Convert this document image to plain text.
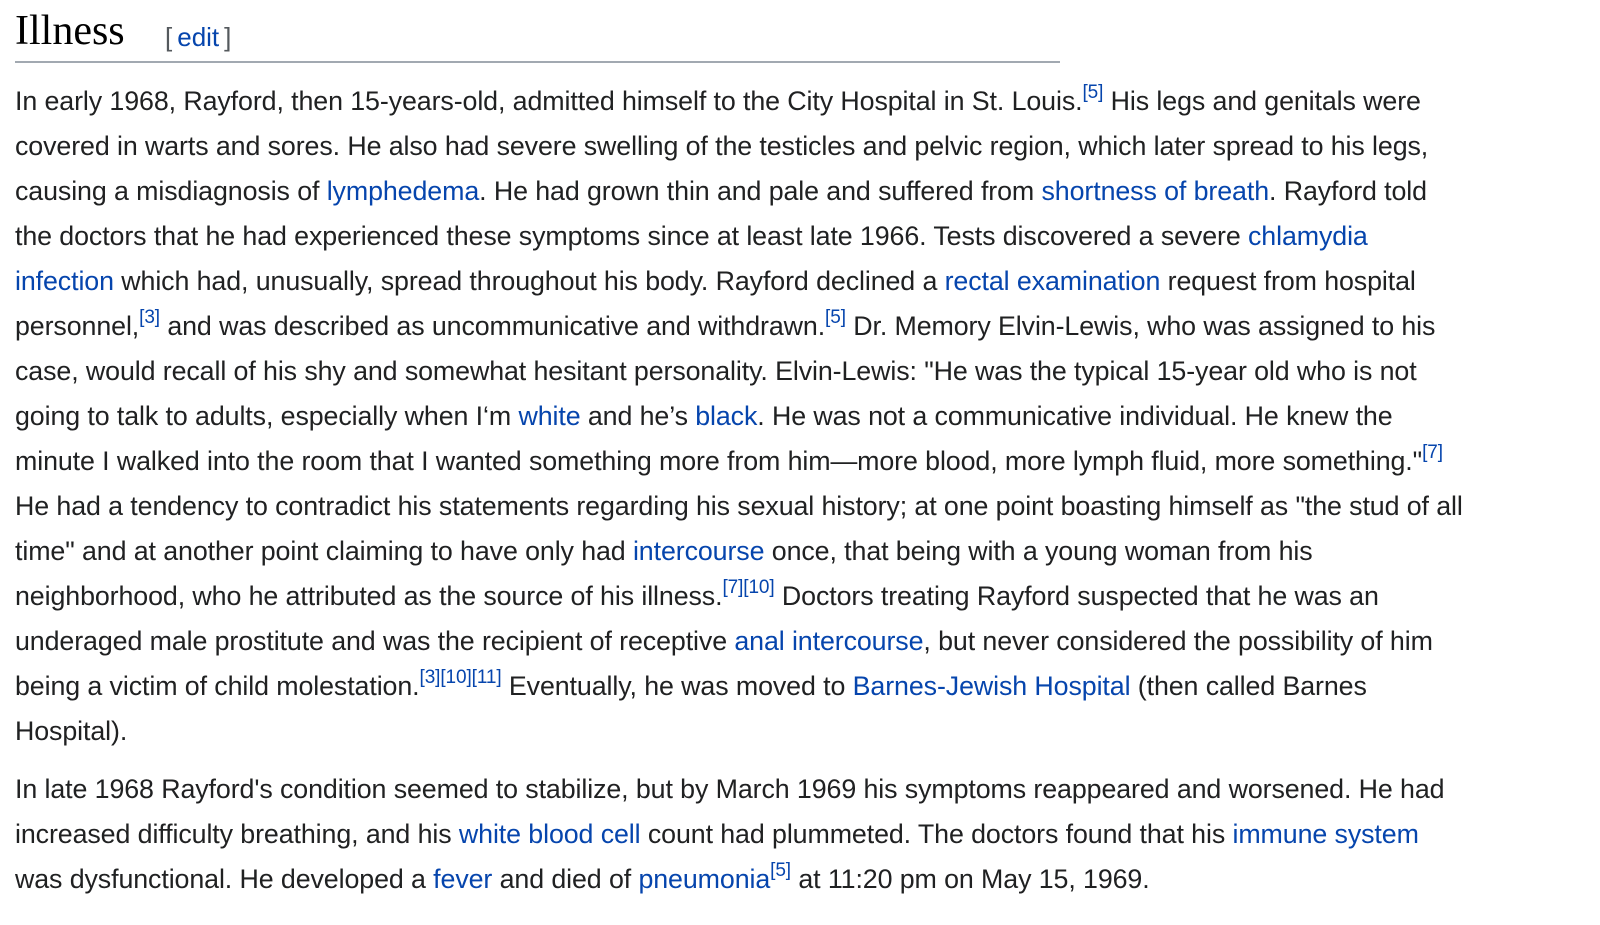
Illness [ edit ]

In early 1968, Rayford, then 15-years-old, admitted himself to the City Hospital in St. Louis.[5] His legs and genitals were
covered in warts and sores. He also had severe swelling of the testicles and pelvic region, which later spread to his legs,
causing a misdiagnosis of lymphedema. He had grown thin and pale and suffered from shortness of breath. Rayford told
the doctors that he had experienced these symptoms since at least late 1966. Tests discovered a severe chlamydia
infection which had, unusually, spread throughout his body. Rayford declined a rectal examination request from hospital
personnel,[3] and was described as uncommunicative and withdrawn.[5] Dr. Memory Elvin-Lewis, who was assigned to his
case, would recall of his shy and somewhat hesitant personality. Elvin-Lewis: "He was the typical 15-year old who is not
going to talk to adults, especially when I‘m white and he’s black. He was not a communicative individual. He knew the
minute I walked into the room that I wanted something more from him—more blood, more lymph fluid, more something."[7]
He had a tendency to contradict his statements regarding his sexual history; at one point boasting himself as "the stud of all
time" and at another point claiming to have only had intercourse once, that being with a young woman from his
neighborhood, who he attributed as the source of his illness.[7][10] Doctors treating Rayford suspected that he was an
underaged male prostitute and was the recipient of receptive anal intercourse, but never considered the possibility of him
being a victim of child molestation.[3][10][11] Eventually, he was moved to Barnes-Jewish Hospital (then called Barnes
Hospital).

In late 1968 Rayford's condition seemed to stabilize, but by March 1969 his symptoms reappeared and worsened. He had
increased difficulty breathing, and his white blood cell count had plummeted. The doctors found that his immune system
was dysfunctional. He developed a fever and died of pneumonia[5] at 11:20 pm on May 15, 1969.
